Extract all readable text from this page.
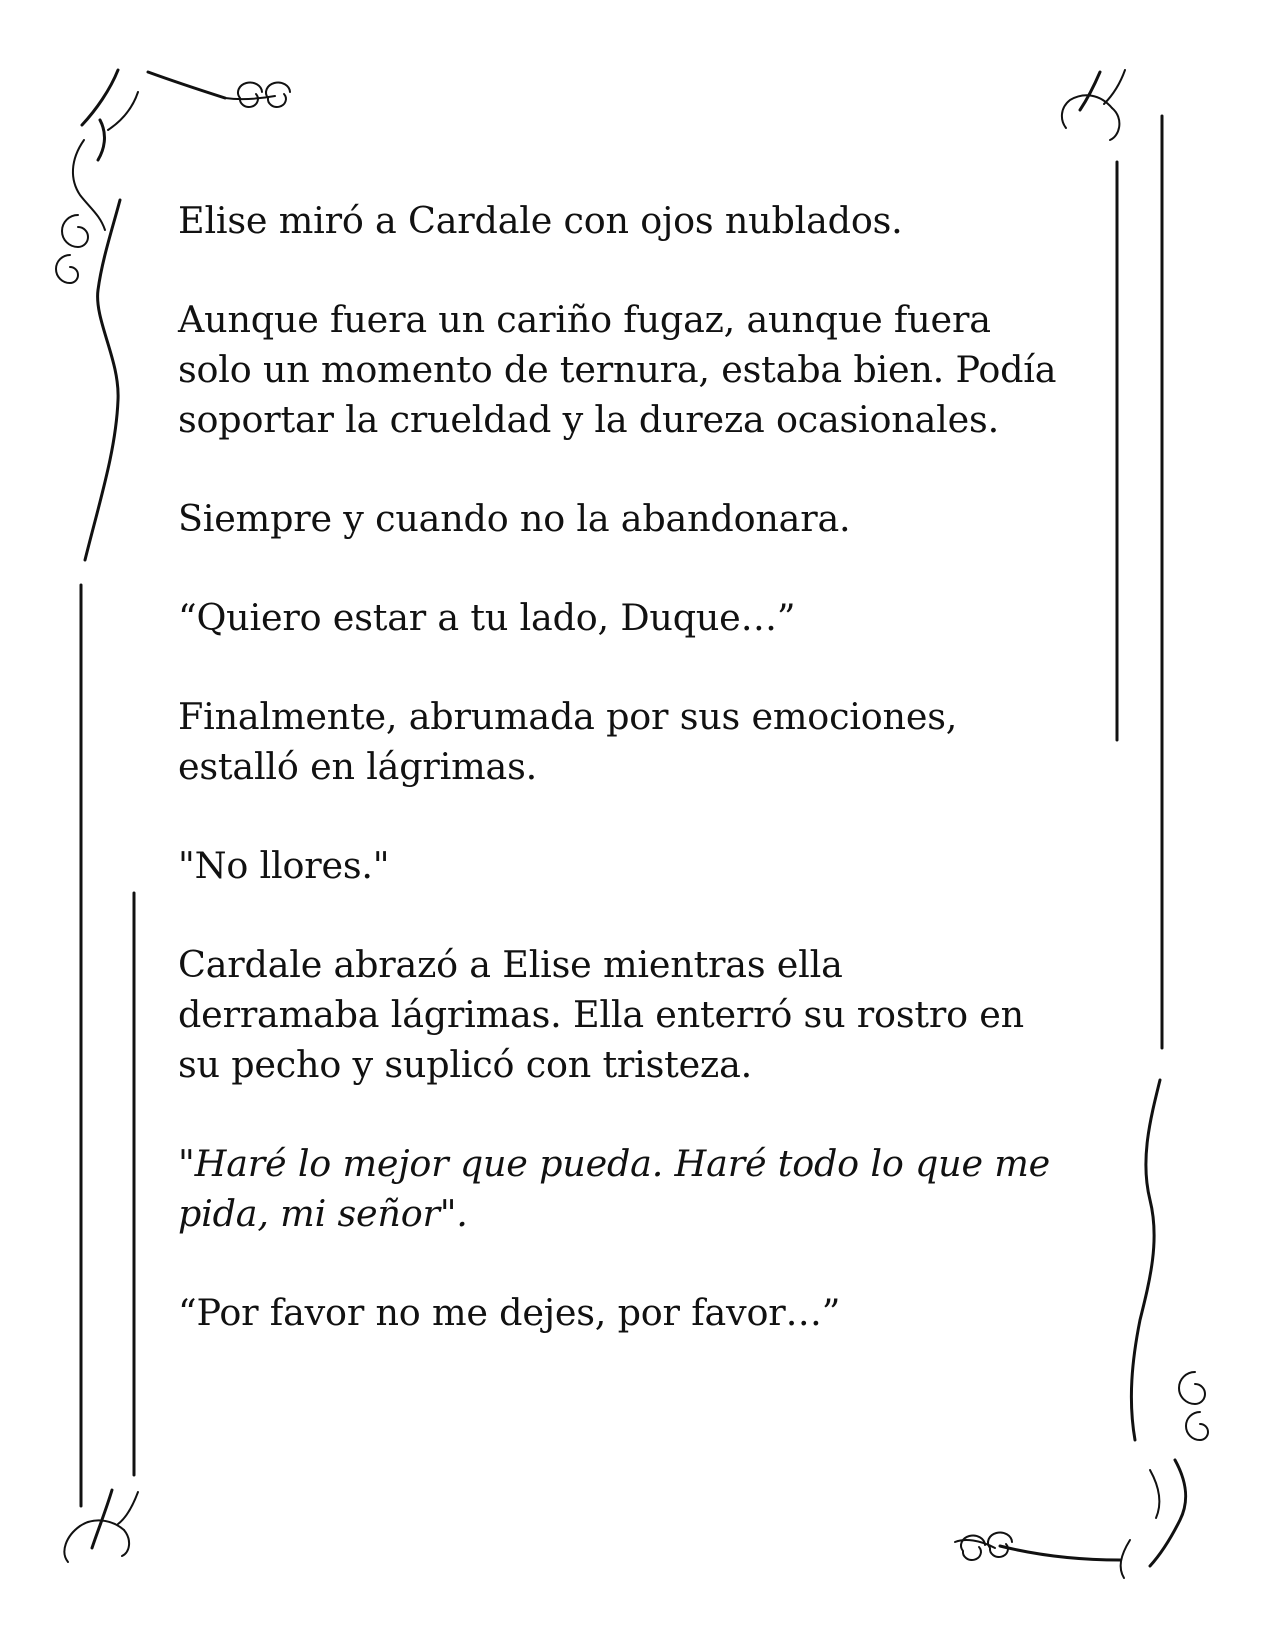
Elise miró a Cardale con ojos nublados.

Aunque fuera un cariño fugaz, aunque fuera
solo un momento de ternura, estaba bien. Podía
soportar la crueldad y la dureza ocasionales.

Siempre y cuando no la abandonara.

“Quiero estar a tu lado, Duque…”

Finalmente, abrumada por sus emociones,
estalló en lágrimas.

"No llores."

Cardale abrazó a Elise mientras ella
derramaba lágrimas. Ella enterró su rostro en
su pecho y suplicó con tristeza.

"Haré lo mejor que pueda. Haré todo lo que me
pida, mi señor".

“Por favor no me dejes, por favor…”
